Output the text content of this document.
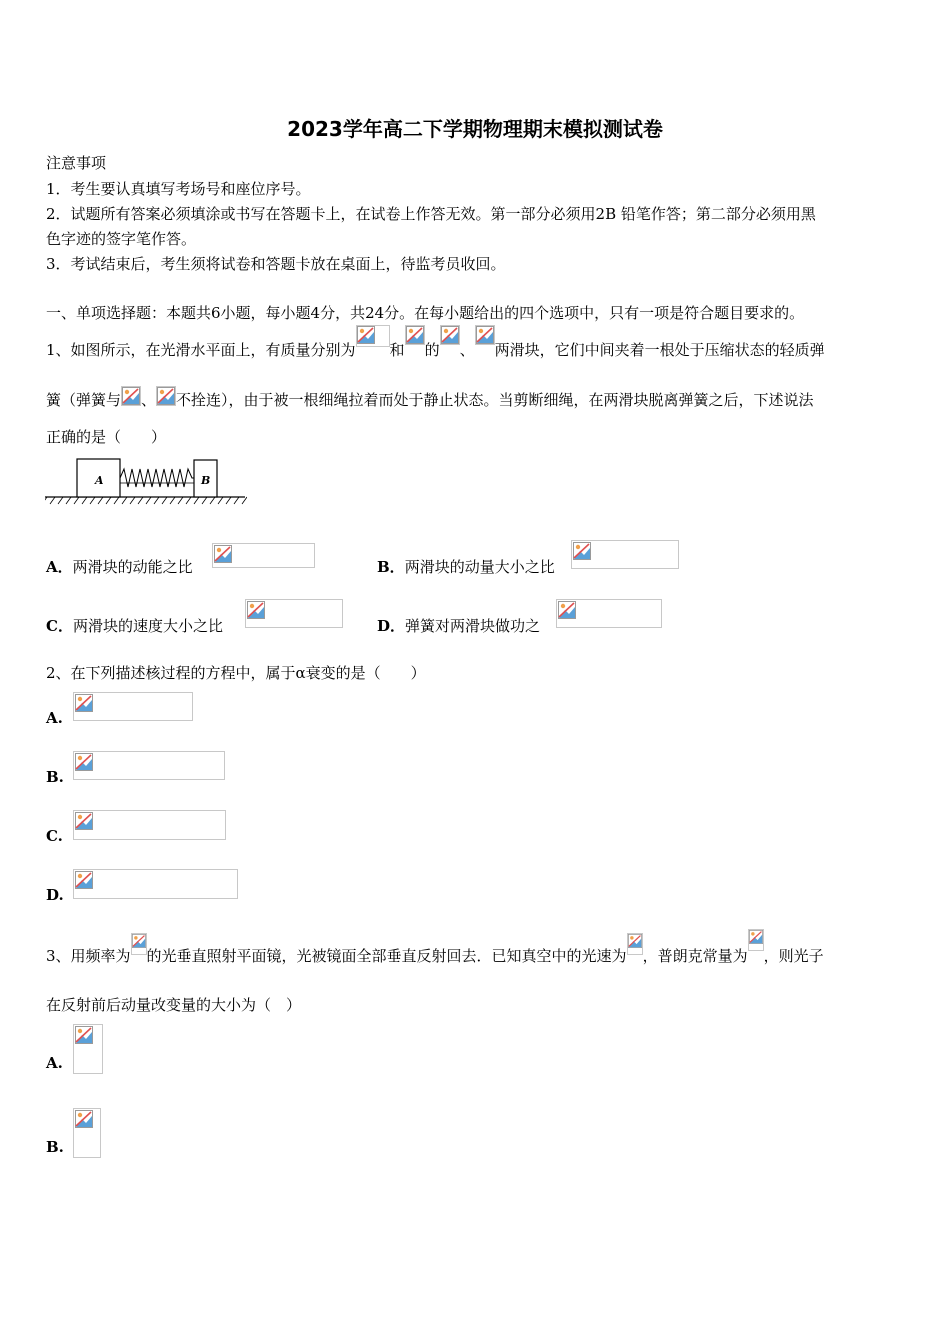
2023学年高二下学期物理期末模拟测试卷
注意事项
1．考生要认真填写考场号和座位序号。
2．试题所有答案必须填涂或书写在答题卡上，在试卷上作答无效。第一部分必须用2B 铅笔作答；第二部分必须用黑
色字迹的签字笔作答。
3．考试结束后，考生须将试卷和答题卡放在桌面上，待监考员收回。
一、单项选择题：本题共6小题，每小题4分，共24分。在每小题给出的四个选项中，只有一项是符合题目要求的。
1、如图所示，在光滑水平面上，有质量分别为 和 的 、 两滑块，它们中间夹着一根处于压缩状态的轻质弹
簧（弹簧与 、 不拴连），由于被一根细绳拉着而处于静止状态。当剪断细绳，在两滑块脱离弹簧之后，下述说法
正确的是（　　）
A	B
A．两滑块的动能之比	B．两滑块的动量大小之比
C．两滑块的速度大小之比	D．弹簧对两滑块做功之
2、在下列描述核过程的方程中，属于α衰变的是（　　）
A.
B.
C.
D.
3、用频率为 的光垂直照射平面镜，光被镜面全部垂直反射回去．已知真空中的光速为 ，普朗克常量为 ，则光子
在反射前后动量改变量的大小为（　）
A.
B.
